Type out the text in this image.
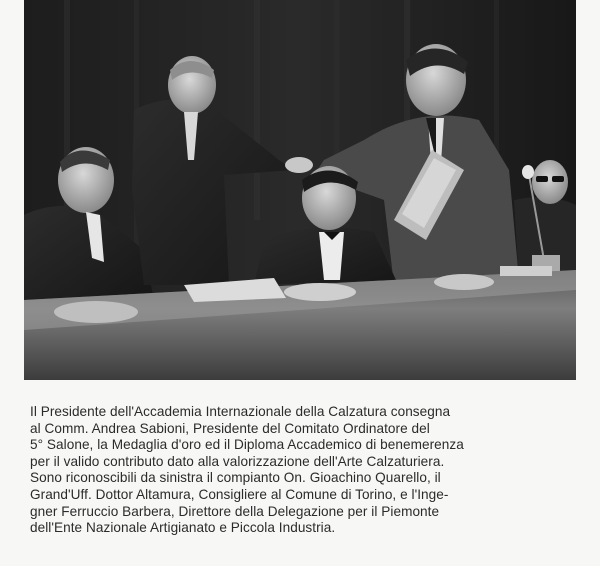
Il Presidente dell'Accademia Internazionale della Calzatura consegna
al Comm. Andrea Sabioni, Presidente del Comitato Ordinatore del
5° Salone, la Medaglia d'oro ed il Diploma Accademico di benemerenza
per il valido contributo dato alla valorizzazione dell'Arte Calzaturiera.
Sono riconoscibili da sinistra il compianto On. Gioachino Quarello, il
Grand'Uff. Dottor Altamura, Consigliere al Comune di Torino, e l'Inge-
gner Ferruccio Barbera, Direttore della Delegazione per il Piemonte
dell'Ente Nazionale Artigianato e Piccola Industria.
